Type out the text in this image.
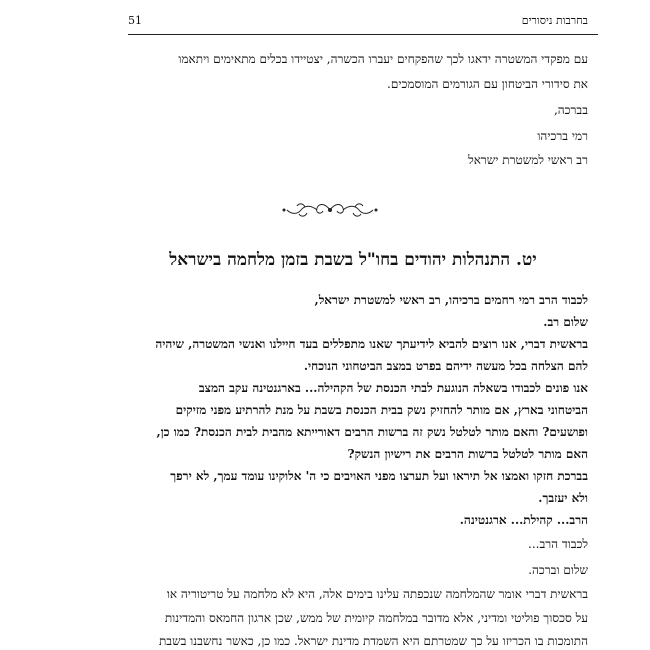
בחרבות ניסורים
51
עם מפקדי המשטרה ידאגו לכך שהפקחים יעברו הכשרה, יצטיידו בכלים מתאימים ויתאמו
את סידורי הביטחון עם הגורמים המוסמכים.
בברכה,
רמי ברכיהו
רב ראשי למשטרת ישראל
יט. התנהלות יהודים בחו"ל בשבת בזמן מלחמה בישראל
לכבוד הרב רמי רחמים ברכיהו, רב ראשי למשטרת ישראל,
שלום רב.
בראשית דברי, אנו רוצים להביא לידיעתך שאנו מתפללים בעד חיילנו ואנשי המשטרה, שיהיה
להם הצלחה בכל מעשה ידיהם בפרט במצב הביטחוני הנוכחי.
אנו פונים לכבודו בשאלה הנוגעת לבתי הכנסת של הקהילה... בארגנטינה עקב המצב
הביטחוני בארץ, אם מותר להחזיק נשק בבית הכנסת בשבת על מנת להרתיע מפני מזיקים
ופושעים? והאם מותר לטלטל נשק זה ברשות הרבים דאורייתא מהבית לבית הכנסת? כמו כן,
האם מותר לטלטל ברשות הרבים את רישיון הנשק?
בברכת חזקו ואמצו אל תיראו ועל תערצו מפני האויבים כי ה' אלוקינו עומד עמך, לא ירפך
ולא יעזבך.
הרב... קהילת... ארגנטינה.
לכבוד הרב...
שלום וברכה.
בראשית דברי אומר שהמלחמה שנכפתה עלינו בימים אלה, היא לא מלחמה על טריטוריה או
על סכסוך פוליטי ומדיני, אלא מדובר במלחמה קיומית של ממש, שכן ארגון החמאס והמדינות
התומכות בו הכריזו על כך שמטרתם היא השמדת מדינת ישראל. כמו כן, כאשר נחשבנו בשבת
